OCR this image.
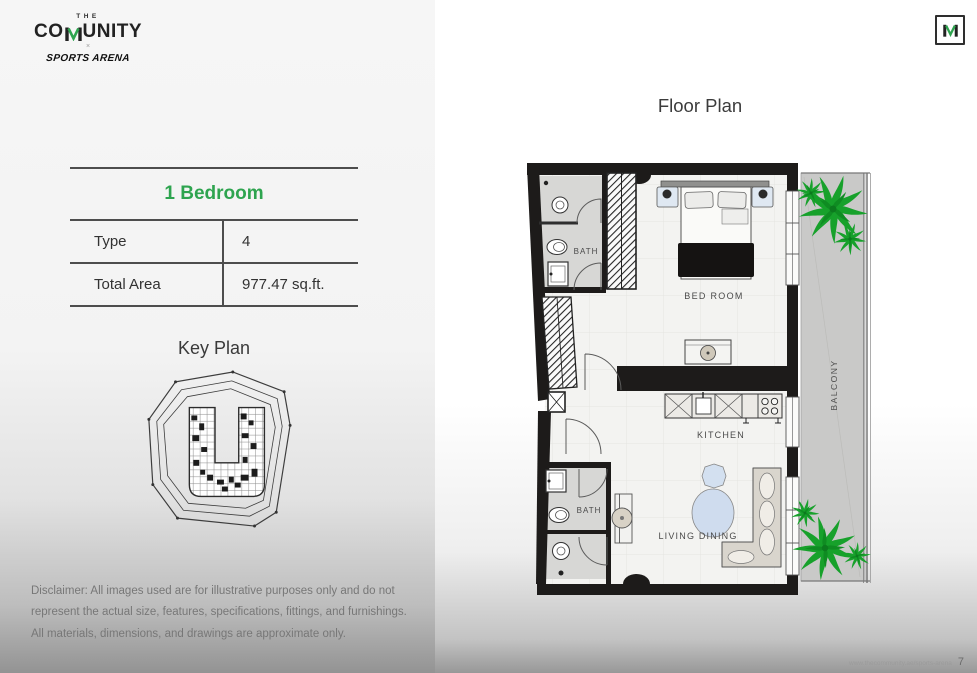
THE
CO UNITY
×
SPORTS ARENA
1 Bedroom
Type	4
Total Area	977.47 sq.ft.
Key Plan
Disclaimer: All images used are for illustrative purposes only and do not
represent the actual size, features, specifications, fittings, and furnishings.
All materials, dimensions, and drawings are approximate only.
Floor Plan
BALCONY
BATH
BED ROOM
KITCHEN
BATH
LIVING DINING
www.thecommunity.ae/sports-arena 7
